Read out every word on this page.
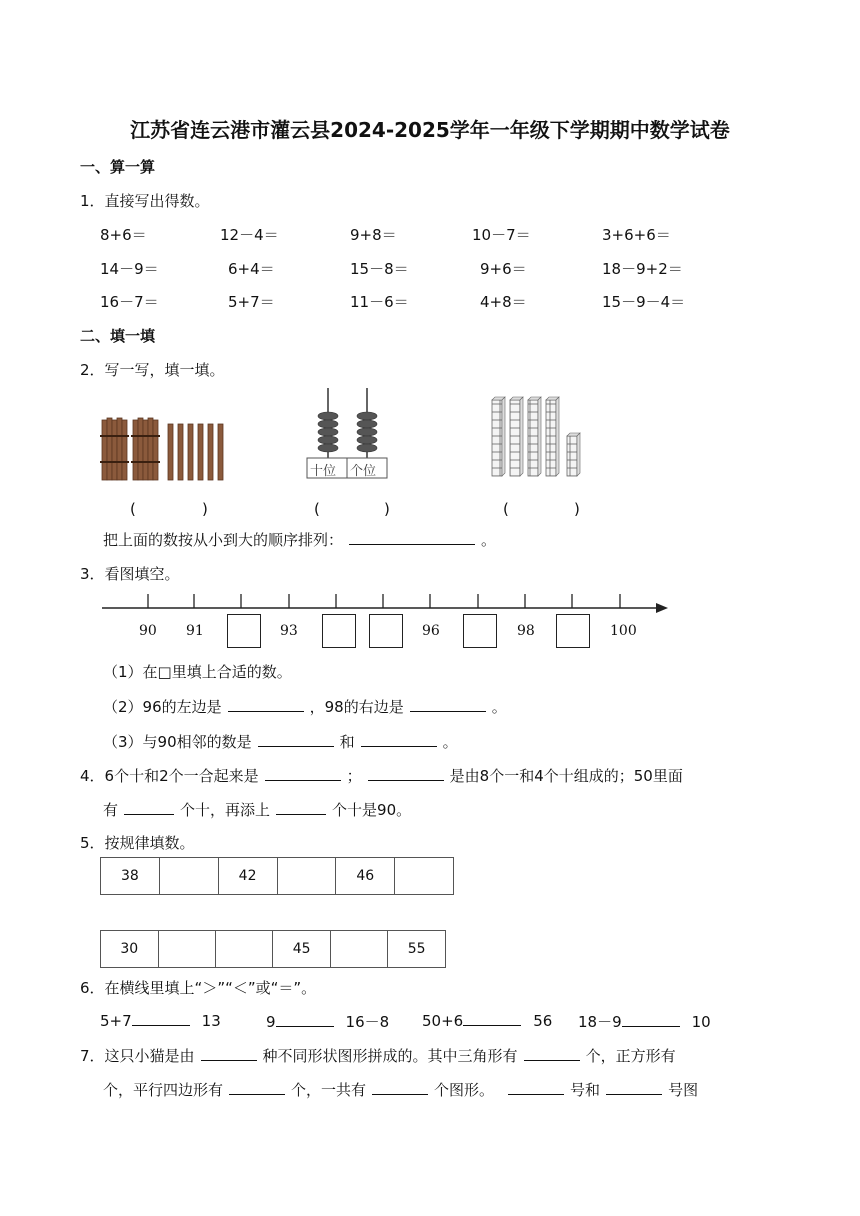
江苏省连云港市灌云县2024-2025学年一年级下学期期中数学试卷
一、算一算
1．直接写出得数。
8+6＝	12－4＝	9+8＝	10－7＝	3+6+6＝
14－9＝	6+4＝	15－8＝	9+6＝	18－9+2＝
16－7＝	5+7＝	11－6＝	4+8＝	15－9－4＝
二、填一填
2．写一写，填一填。
十位 个位
(	)	(	)	(	)
把上面的数按从小到大的顺序排列：	。
3．看图填空。
90 91	93	96	98	100
（1）在□里填上合适的数。
（2）96的左边是	，98的右边是	。
（3）与90相邻的数是	和	。
4．6个十和2个一合起来是	；	是由8个一和4个十组成的；50里面
有	个十，再添上	个十是90。
5．按规律填数。
38		42		46	
30			45		55
6．在横线里填上“＞”“＜”或“＝”。
5+7	13	9	16－8 50+6	56 18－9	10
7．这只小猫是由	种不同形状图形拼成的。其中三角形有	个，正方形有
个，平行四边形有	个，一共有	个图形。	号和	号图
